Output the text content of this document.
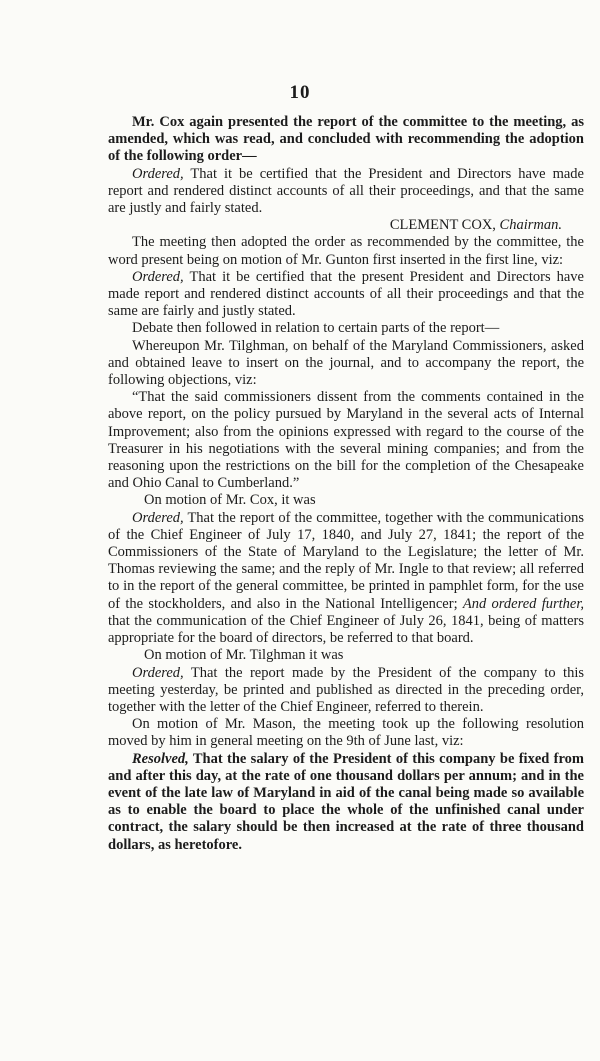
10

Mr. Cox again presented the report of the committee to the meeting, as amended, which was read, and concluded with recommending the adoption of the following order—

Ordered, That it be certified that the President and Directors have made report and rendered distinct accounts of all their proceedings, and that the same are justly and fairly stated.

CLEMENT COX, Chairman.

The meeting then adopted the order as recommended by the committee, the word present being on motion of Mr. Gunton first inserted in the first line, viz:

Ordered, That it be certified that the present President and Directors have made report and rendered distinct accounts of all their proceedings and that the same are fairly and justly stated.

Debate then followed in relation to certain parts of the report—

Whereupon Mr. Tilghman, on behalf of the Maryland Commissioners, asked and obtained leave to insert on the journal, and to accompany the report, the following objections, viz:

“That the said commissioners dissent from the comments contained in the above report, on the policy pursued by Maryland in the several acts of Internal Improvement; also from the opinions expressed with regard to the course of the Treasurer in his negotiations with the several mining companies; and from the reasoning upon the restrictions on the bill for the completion of the Chesapeake and Ohio Canal to Cumberland.”

On motion of Mr. Cox, it was

Ordered, That the report of the committee, together with the communications of the Chief Engineer of July 17, 1840, and July 27, 1841; the report of the Commissioners of the State of Maryland to the Legislature; the letter of Mr. Thomas reviewing the same; and the reply of Mr. Ingle to that review; all referred to in the report of the general committee, be printed in pamphlet form, for the use of the stockholders, and also in the National Intelligencer; And ordered further, that the communication of the Chief Engineer of July 26, 1841, being of matters appropriate for the board of directors, be referred to that board.

On motion of Mr. Tilghman it was

Ordered, That the report made by the President of the company to this meeting yesterday, be printed and published as directed in the preceding order, together with the letter of the Chief Engineer, referred to therein.

On motion of Mr. Mason, the meeting took up the following resolution moved by him in general meeting on the 9th of June last, viz:

Resolved, That the salary of the President of this company be fixed from and after this day, at the rate of one thousand dollars per annum; and in the event of the late law of Maryland in aid of the canal being made so available as to enable the board to place the whole of the unfinished canal under contract, the salary should be then increased at the rate of three thousand dollars, as heretofore.
